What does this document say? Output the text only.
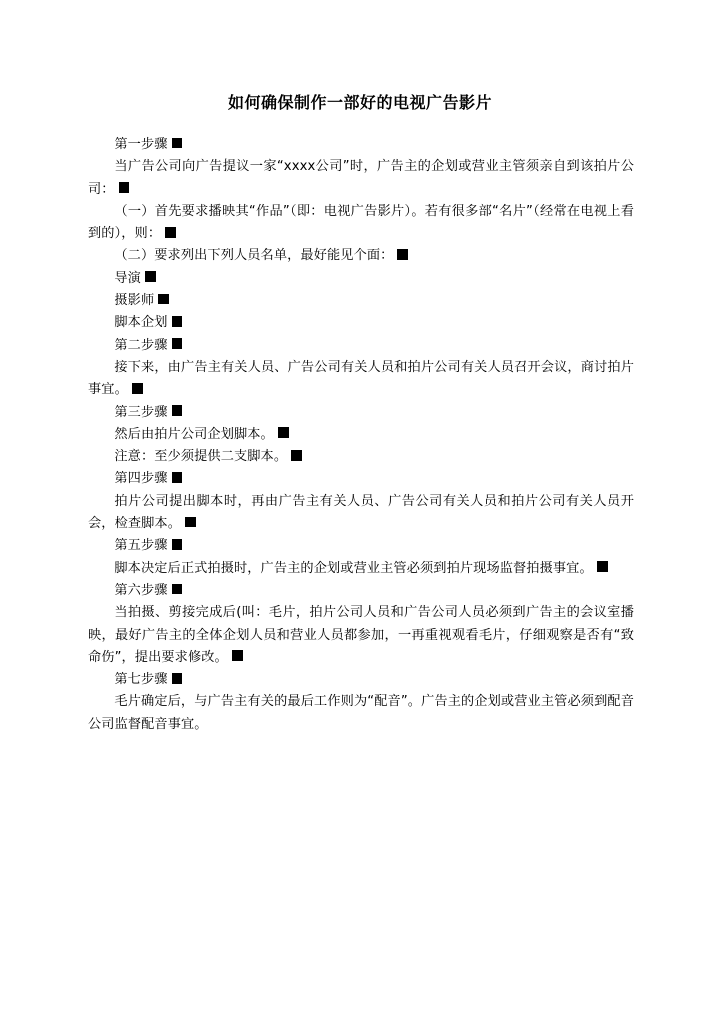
如何确保制作一部好的电视广告影片

第一步骤

当广告公司向广告提议一家“xxxx公司”时，广告主的企划或营业主管须亲自到该拍片公司：

（一）首先要求播映其“作品”（即：电视广告影片）。若有很多部“名片”（经常在电视上看到的），则：

（二）要求列出下列人员名单，最好能见个面：

导演

摄影师

脚本企划

第二步骤

接下来，由广告主有关人员、广告公司有关人员和拍片公司有关人员召开会议，商讨拍片事宜。

第三步骤

然后由拍片公司企划脚本。

注意：至少须提供二支脚本。

第四步骤

拍片公司提出脚本时，再由广告主有关人员、广告公司有关人员和拍片公司有关人员开会，检查脚本。

第五步骤

脚本决定后正式拍摄时，广告主的企划或营业主管必须到拍片现场监督拍摄事宜。

第六步骤

当拍摄、剪接完成后(叫：毛片，拍片公司人员和广告公司人员必须到广告主的会议室播映，最好广告主的全体企划人员和营业人员都参加，一再重视观看毛片，仔细观察是否有“致命伤”，提出要求修改。

第七步骤

毛片确定后，与广告主有关的最后工作则为“配音”。广告主的企划或营业主管必须到配音公司监督配音事宜。
